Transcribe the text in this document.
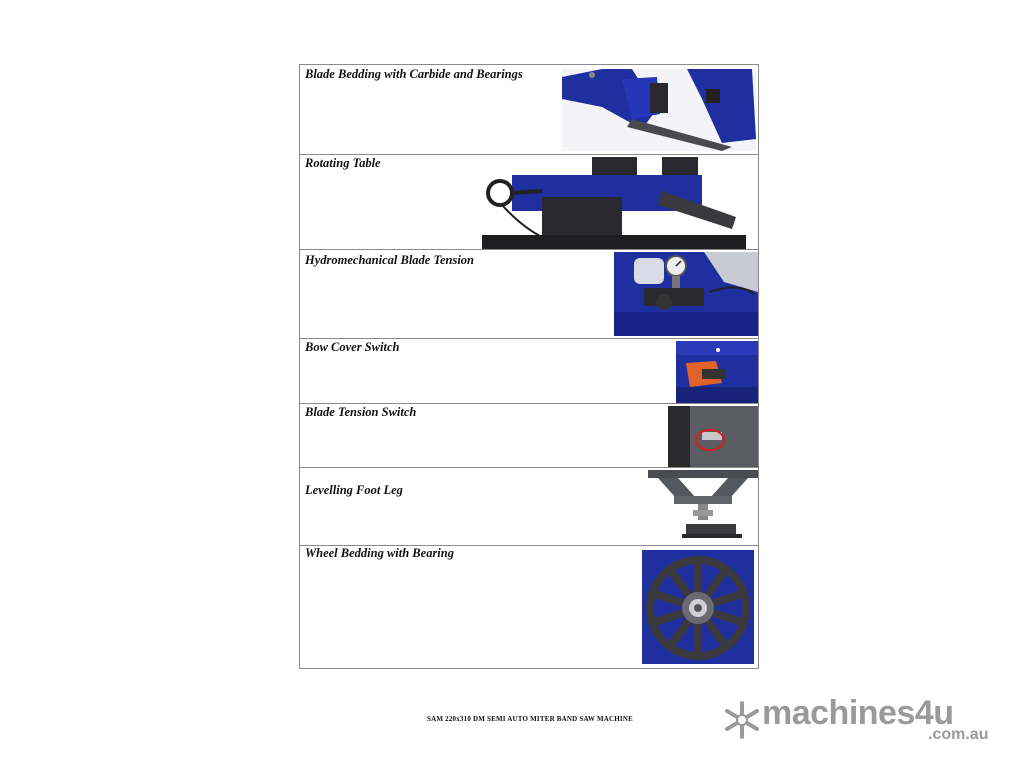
Blade Bedding with Carbide and Bearings
Rotating Table
Hydromechanical Blade Tension
Bow Cover Switch
Blade Tension Switch
Levelling Foot Leg
Wheel Bedding with Bearing
SAM 220x310 DM SEMI AUTO MITER BAND SAW MACHINE	machines4u
.com.au
